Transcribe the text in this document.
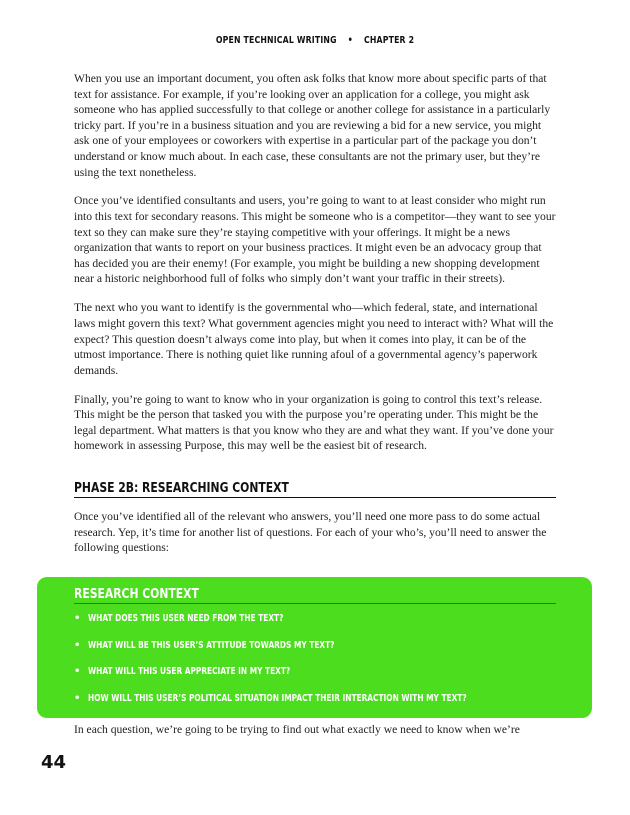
OPEN TECHNICAL WRITING • CHAPTER 2

When you use an important document, you often ask folks that know more about specific parts of that text for assistance. For example, if you’re looking over an application for a college, you might ask someone who has applied successfully to that college or another college for assistance in a particularly tricky part. If you’re in a business situation and you are reviewing a bid for a new service, you might ask one of your employees or coworkers with expertise in a particular part of the package you don’t understand or know much about. In each case, these consultants are not the primary user, but they’re using the text nonetheless.

Once you’ve identified consultants and users, you’re going to want to at least consider who might run into this text for secondary reasons. This might be someone who is a competitor—they want to see your text so they can make sure they’re staying competitive with your offerings. It might be a news organization that wants to report on your business practices. It might even be an advocacy group that has decided you are their enemy! (For example, you might be building a new shopping development near a historic neighborhood full of folks who simply don’t want your traffic in their streets).

The next who you want to identify is the governmental who—which federal, state, and international laws might govern this text? What government agencies might you need to interact with? What will the expect? This question doesn’t always come into play, but when it comes into play, it can be of the utmost importance. There is nothing quiet like running afoul of a governmental agency’s paperwork demands.

Finally, you’re going to want to know who in your organization is going to control this text’s release. This might be the person that tasked you with the purpose you’re operating under. This might be the legal department. What matters is that you know who they are and what they want. If you’ve done your homework in assessing Purpose, this may well be the easiest bit of research.

PHASE 2B: RESEARCHING CONTEXT

Once you’ve identified all of the relevant who answers, you’ll need one more pass to do some actual research. Yep, it’s time for another list of questions. For each of your who’s, you’ll need to answer the following questions:

RESEARCH CONTEXT
• WHAT DOES THIS USER NEED FROM THE TEXT?
• WHAT WILL BE THIS USER’S ATTITUDE TOWARDS MY TEXT?
• WHAT WILL THIS USER APPRECIATE IN MY TEXT?
• HOW WILL THIS USER’S POLITICAL SITUATION IMPACT THEIR INTERACTION WITH MY TEXT?

In each question, we’re going to be trying to find out what exactly we need to know when we’re

44
